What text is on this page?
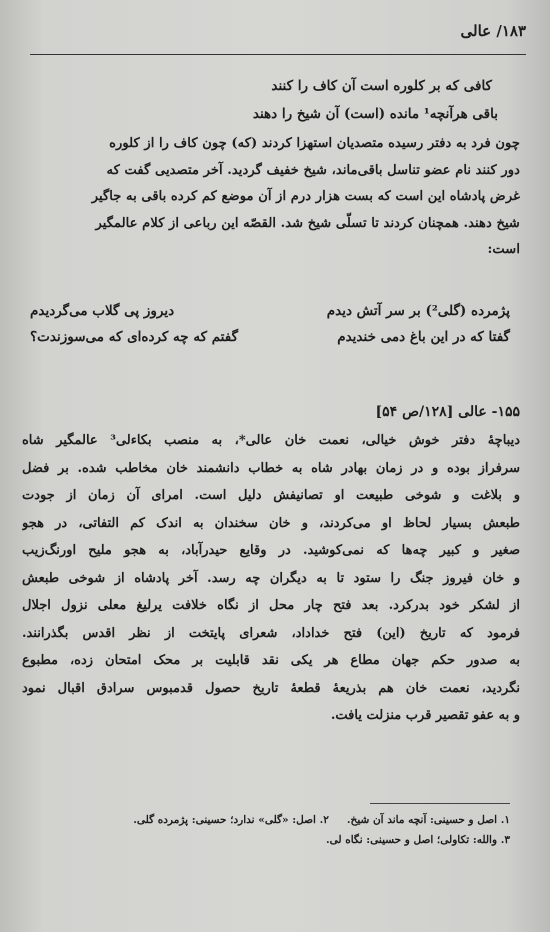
۱۸۳/ عالی
کافی که بر کلوره است آن کاف را کنند
باقی هرآنچه¹ مانده (است) آن شیخ را دهند
چون فرد به دفتر رسیده متصدیان استهزا کردند (که) چون کاف را از کلوره
دور کنند نام عضو تناسل باقی‌ماند، شیخ خفیف گردید. آخر متصدیی گفت که
غرض پادشاه این است که بست هزار درم از آن موضع کم کرده باقی به جاگیر
شیخ دهند. همچنان کردند تا تسلّی شیخ شد. القصّه این رباعی از کلام عالمگیر
است:
پژمرده (گلی²) بر سر آتش دیدم
دیروز پی گلاب می‌گردیدم
گفتا که در این باغ دمی خندیدم
گفتم که چه کرده‌ای که می‌سوزندت؟
۱۵۵- عالی [۱۲۸/ص ۵۴]
دیباچهٔ دفتر خوش خیالی، نعمت خان عالی*، به منصب بکاءلی³ عالمگیر شاه
سرفراز بوده و در زمان بهادر شاه به خطاب دانشمند خان مخاطب شده. بر فضل
و بلاغت و شوخی طبیعت او تصانیفش دلیل است. امرای آن زمان از جودت
طبعش بسیار لحاظ او می‌کردند، و خان سخندان به اندک کم التفاتی، در هجو
صغیر و کبیر چه‌ها که نمی‌کوشید. در وقایع حیدرآباد، به هجو ملیح اورنگ‌زیب
و خان فیروز جنگ را ستود تا به دیگران چه رسد. آخر پادشاه از شوخی طبعش
از لشکر خود بدرکرد. بعد فتح چار محل از نگاه خلافت یرلیغ معلی نزول اجلال
فرمود که تاریخ (این) فتح خداداد، شعرای پایتخت از نظر اقدس بگذرانند.
به صدور حکم جهان مطاع هر یکی نقد قابلیت بر محک امتحان زده، مطبوع
نگردید، نعمت خان هم بذریعهٔ قطعهٔ تاریخ حصول قدمبوس سرادق اقبال نمود
و به عفو تقصیر قرب منزلت یافت.
۱. اصل و حسینی: آنچه ماند آن شیخ.
۲. اصل: «گلی» ندارد؛ حسینی: پژمرده گلی.
۳. والله: تکاولی؛ اصل و حسینی: نگاه لی.
